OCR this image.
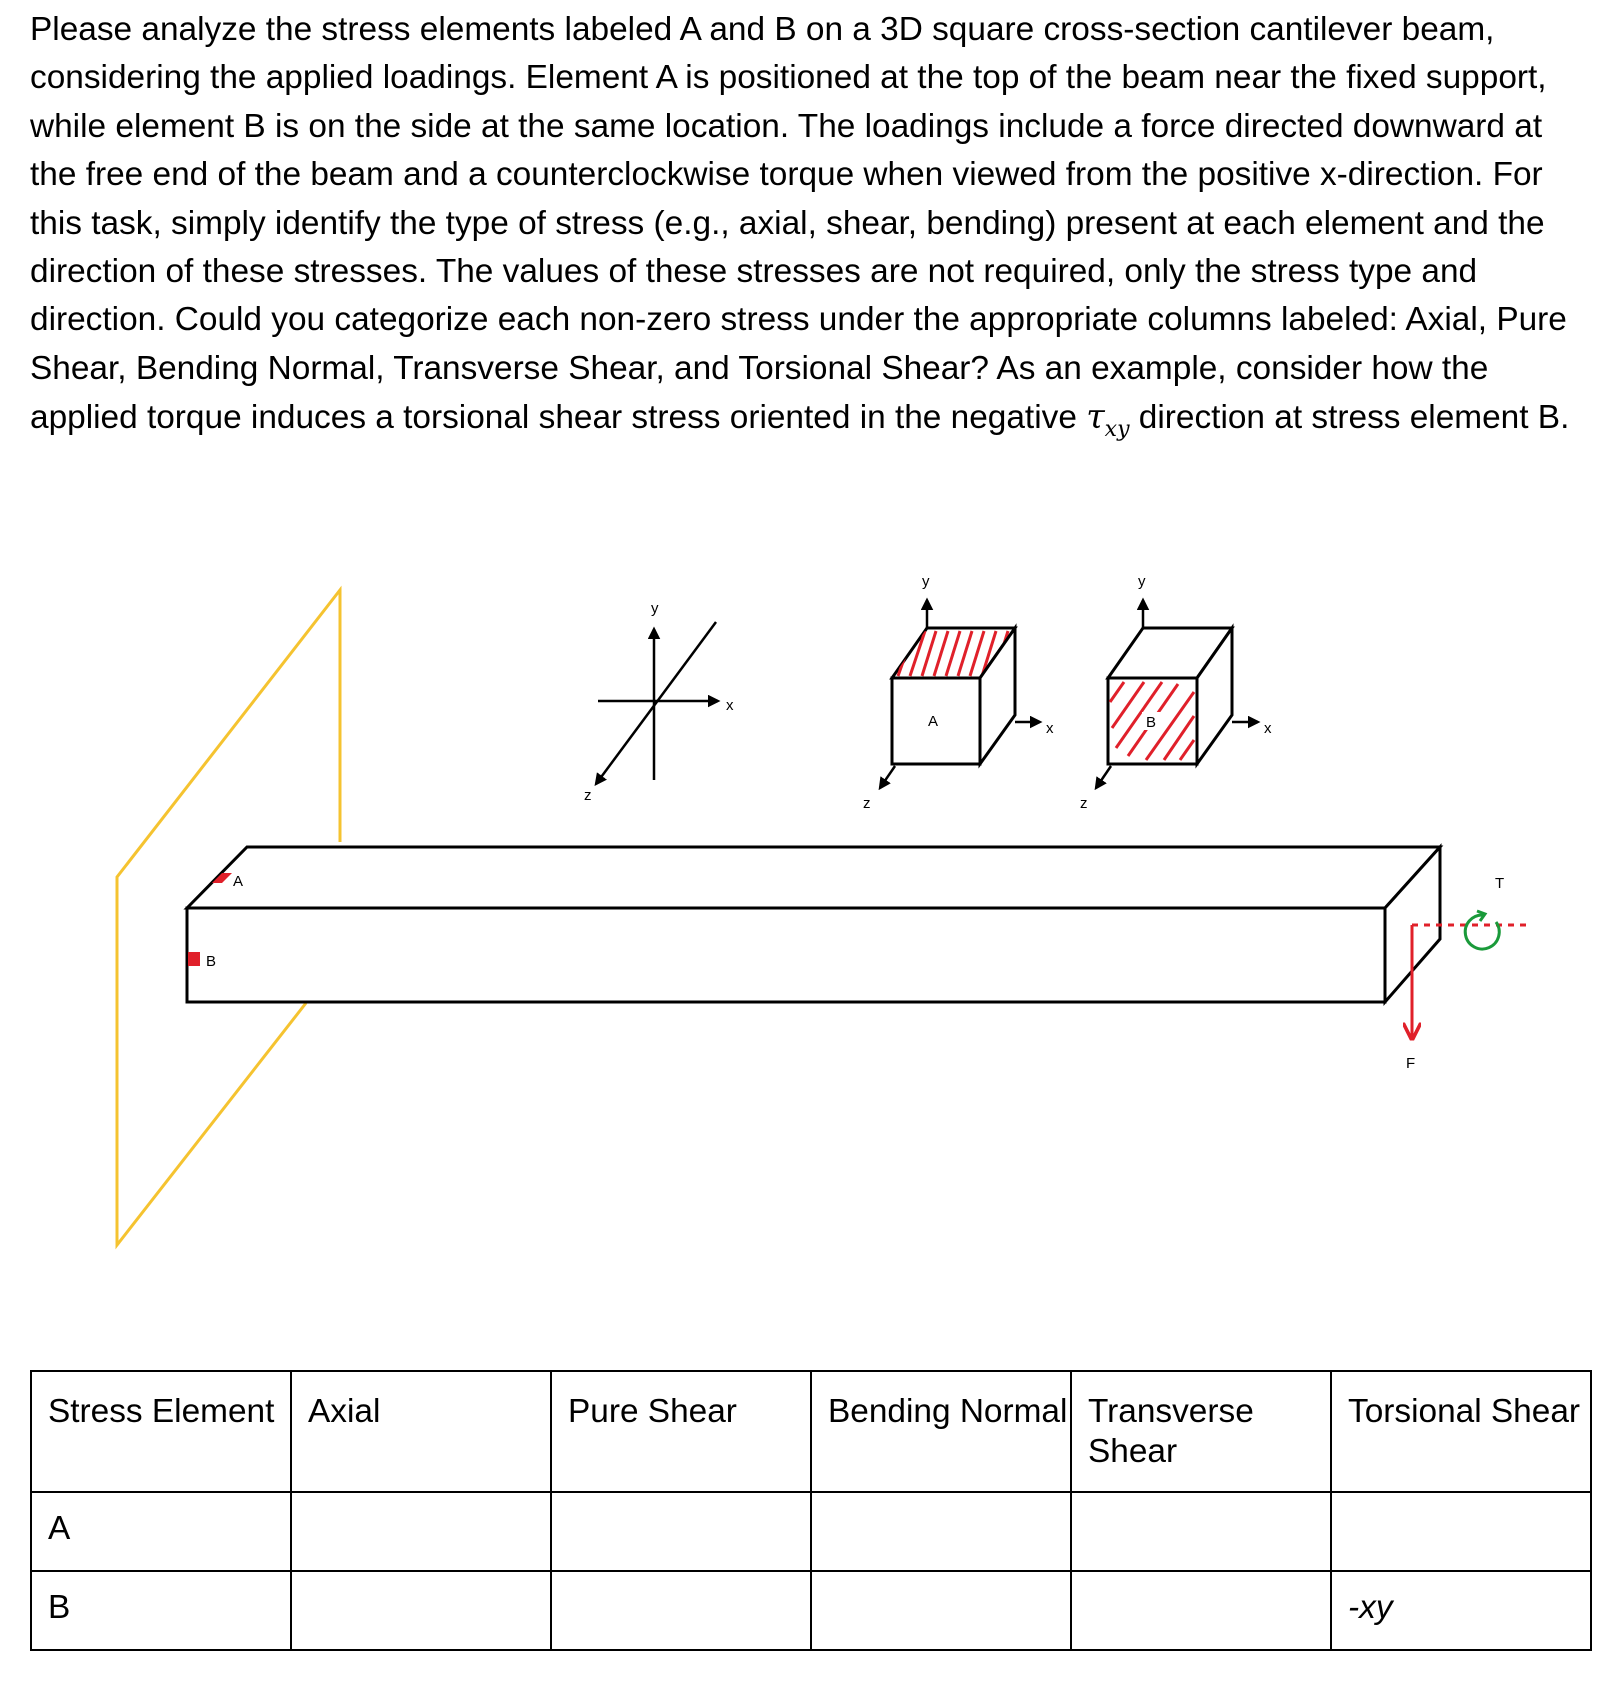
Please analyze the stress elements labeled A and B on a 3D square cross-section cantilever beam, considering the applied loadings. Element A is positioned at the top of the beam near the fixed support, while element B is on the side at the same location. The loadings include a force directed downward at the free end of the beam and a counterclockwise torque when viewed from the positive x-direction. For this task, simply identify the type of stress (e.g., axial, shear, bending) present at each element and the direction of these stresses. The values of these stresses are not required, only the stress type and direction. Could you categorize each non-zero stress under the appropriate columns labeled: Axial, Pure Shear, Bending Normal, Transverse Shear, and Torsional Shear? As an example, consider how the applied torque induces a torsional shear stress oriented in the negative $\tau_{xy}$ direction at stress element B.

A
B
y
x
z
A
y
x
z
B
y
x
z
F
T
Stress Element	Axial	Pure Shear	Bending Normal	Transverse Shear	Torsional Shear
A					
B					-xy
